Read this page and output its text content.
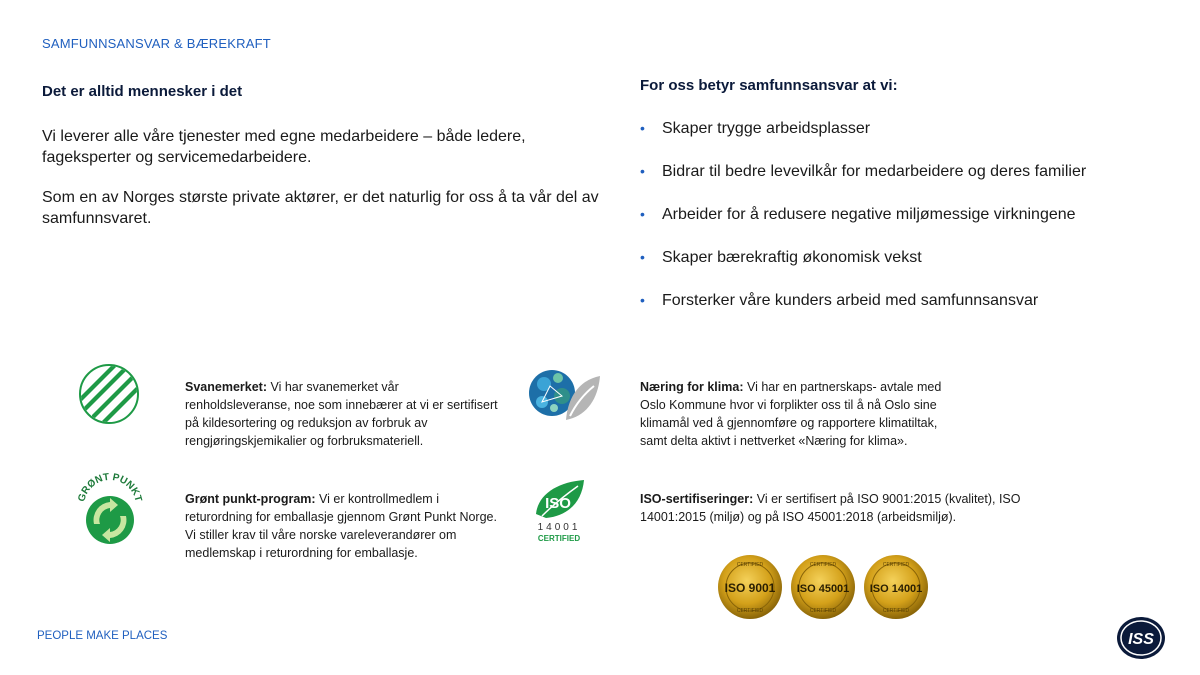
SAMFUNNSANSVAR & BÆREKRAFT
Det er alltid mennesker i det
Vi leverer alle våre tjenester med egne medarbeidere – både ledere, fageksperter og servicemedarbeidere.
Som en av Norges største private aktører, er det naturlig for oss å ta vår del av samfunnsvaret.
For oss betyr samfunnsansvar at vi:
• Skaper trygge arbeidsplasser
• Bidrar til bedre levevilkår for medarbeidere og deres familier
• Arbeider for å redusere negative miljømessige virkningene
• Skaper bærekraftig økonomisk vekst
• Forsterker våre kunders arbeid med samfunnsansvar
Svanemerket: Vi har svanemerket vår renholdsleveranse, noe som innebærer at vi er sertifisert på kildesortering og reduksjon av forbruk av rengjøringskjemikalier og forbruksmateriell.
Næring for klima: Vi har en partnerskaps- avtale med Oslo Kommune hvor vi forplikter oss til å nå Oslo sine klimamål ved å gjennomføre og rapportere klimatiltak, samt delta aktivt i nettverket «Næring for klima».
GRØNT PUNKT	Grønt punkt-program: Vi er kontrollmedlem i returordning for emballasje gjennom Grønt Punkt Norge. Vi stiller krav til våre norske vareleverandører om medlemskap i returordning for emballasje.
ISO
14001
CERTIFIED
ISO-sertifiseringer: Vi er sertifisert på ISO 9001:2015 (kvalitet), ISO 14001:2015 (miljø) og på ISO 45001:2018 (arbeidsmiljø).
CERTIFIED
ISO 9001
CERTIFIED
CERTIFIED
ISO 45001
CERTIFIED
CERTIFIED
ISO 14001
CERTIFIED
PEOPLE MAKE PLACES	ISS
